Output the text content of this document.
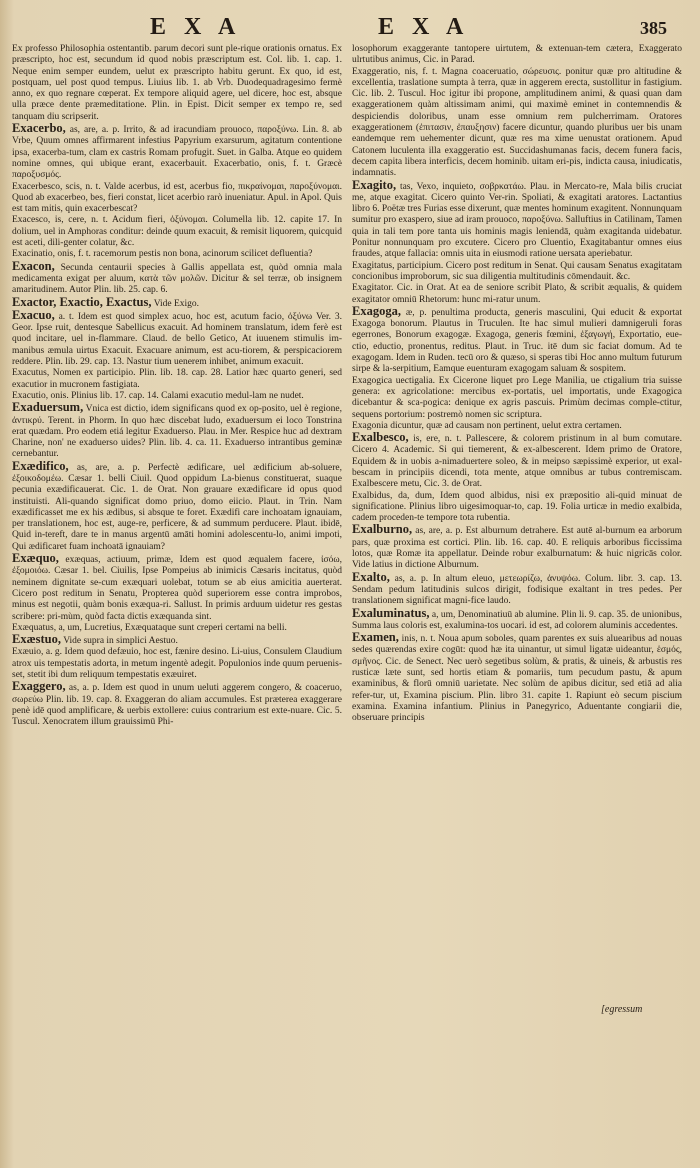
E X A	E X A	385

Ex professo Philosophia ostentantib. parum decori sunt ple-rique orationis ornatus. Ex præscripto, hoc est, secundum id quod nobis præscriptum est. Col. lib. 1. cap. 1. Neque enim semper eundem, uelut ex præscripto habitu gerunt. Ex quo, id est, postquam, uel post quod tempus. Liuius lib. 1. ab Vrb. Duodequadragesimo fermè anno, ex quo regnare cœperat. Ex tempore aliquid agere, uel dicere, hoc est, absque ulla præce dente præmeditatione. Plin. in Epist. Dicit semper ex tempo re, sed tanquam diu scripserit.

Exacerbo, as, are, a. p. Irrito, & ad iracundiam prouoco, παροξύνω. Lin. 8. ab Vrbe, Quum omnes affirmarent infestius Papyrium exarsurum, agitatum contentione ipsa, exacerba-tum, clam ex castris Romam profugit. Suet. in Galba. Atque eo quidem nomine omnes, qui ubique erant, exacerbauit. Exacerbatio, onis, f. t. Græcè παροξυσμός.

Exacerbesco, scis, n. t. Valde acerbus, id est, acerbus fio, πικραίνομαι, παροξύνομαι. Quod ab exacerbeo, bes, fieri constat, licet acerbio rarò inueniatur. Apul. in Apol. Quis est tam mitis, quin exacerbescat?

Exacesco, is, cere, n. t. Acidum fieri, ὀξύνομαι. Columella lib. 12. capite 17. In dolium, uel in Amphoras conditur: deinde quum exacuit, & remisit liquorem, quicquid est aceti, dili-genter colatur, &c.

Exacinatio, onis, f. t. racemorum pestis non bona, acinorum scilicet defluentia?

Exacon, Secunda centaurii species à Gallis appellata est, quòd omnia mala medicamenta exigat per aluum, κατὰ τῶν μολῶν. Dicitur & sel terræ, ob insignem amaritudinem. Autor Plin. lib. 25. cap. 6.

Exactor, Exactio, Exactus, Vide Exigo.

Exacuo, a. t. Idem est quod simplex acuo, hoc est, acutum facio, ὀξύνω Ver. 3. Geor. Ipse ruit, dentesque Sabellicus exacuit. Ad hominem translatum, idem ferè est quod incitare, uel in-flammare. Claud. de bello Getico, At iuuenem stimulis im-manibus æmula uirtus Exacuit. Exacuare animum, est acu-tiorem, & perspicaciorem reddere. Plin. lib. 29. cap. 13. Nastur tium uenerem inhibet, animum exacuit.

Exacutus, Nomen ex participio. Plin. lib. 18. cap. 28. Latior hæc quarto generi, sed exacutior in mucronem fastigiata.

Exacutio, onis. Plinius lib. 17. cap. 14. Calami exacutio medul-lam ne nudet.

Exaduersum, Vnica est dictio, idem significans quod ex op-posito, uel è regione, ἀντικρύ. Terent. in Phorm. In quo hæc discebat ludo, exaduersum ei loco Tonstrina erat quædam. Pro eodem etiá legitur Exaduerso. Plau. in Mer. Respice huc ad dextram Charine, non' ne exaduerso uides? Plin. lib. 4. ca. 11. Exaduerso intrantibus geminæ cernebantur.

Exædifico, as, are, a. p. Perfectè ædificare, uel ædificium ab-soluere, ἐξοικοδομέω. Cæsar 1. belli Ciuil. Quod oppidum La-bienus constituerat, suaque pecunia exædificauerat. Cic. 1. de Orat. Non grauare exædificare id opus quod instituisti. Ali-quando significat domo priuo, domo eiicio. Plaut. in Trin. Nam exædificasset me ex his ædibus, si absque te foret. Exædifi care inchoatam ignauiam, per translationem, hoc est, auge-re, perficere, & ad summum perducere. Plaut. ibidē, Quid in-tereft, dare te in manus argentū amāti homini adolescentu-lo, animi impoti, Qui ædificaret fuam inchoatā ignauiam?

Exæquo, exæquas, actiuum, primæ, Idem est quod æqualem facere, ἰσόω, ἐξομοιόω. Cæsar 1. bel. Ciuilis, Ipse Pompeius ab inimicis Cæsaris incitatus, quòd neminem dignitate se-cum exæquari uolebat, totum se ab eius amicitia auerterat. Cicero post reditum in Senatu, Propterea quòd superiorem esse contra improbos, minus est negotii, quàm bonis exæqua-ri. Sallust. In primis arduum uidetur res gestas scribere: pri-mùm, quòd facta dictis exæquanda sint.

Exæquatus, a, um, Lucretius, Exæquataque sunt creperi certami na belli.

Exæstuo, Vide supra in simplici Aestuo.

Exæuio, a. g. Idem quod defæuio, hoc est, fænire desino. Li-uius, Consulem Claudium atrox uis tempestatis adorta, in metum ingentè adegit. Populonios inde quum peruenis-set, stetit ibi dum reliquum tempestatis exæuiret.

Exaggero, as, a. p. Idem est quod in unum ueluti aggerem congero, & coaceruo, σωρεύω Plin. lib. 19. cap. 8. Exaggeran do aliam accumules. Est præterea exaggerare penè idē quod amplificare, & uerbis extollere: cuius contrarium est exte-nuare. Cic. 5. Tuscul. Xenocratem illum grauissimū Phi-

losophorum exaggerante tantopere uirtutem, & extenuan-tem cætera, Exaggerato ulrtutibus animus, Cic. in Parad.

Exaggeratio, nis, f. t. Magna coaceruatio, σώρευσις. ponitur quæ pro altitudine & excellentia, traslatione sumpta à terra, quæ in aggerem erecta, sustollitur in fastigium. Cic. lib. 2. Tuscul. Hoc igitur ibi propone, amplitudinem animi, & quasi quan dam exaggerationem quàm altissimam animi, qui maximè eminet in contemnendis & despiciendis doloribus, unam esse omnium rem pulcherrimam. Oratores exaggerationem (ἐπιτασιν, ἐπαυξησιν) facere dicuntur, quando pluribus uer bis unam eandemque rem uehementer dicunt, quæ res ma xime uenustat orationem. Apud Catonem luculenta illa exaggeratio est. Succidashumanas facis, decem funera facis, decem capita libera interficis, decem hominib. uitam eri-pis, indicta causa, iniudicatis, indamnatis.

Exagito, tas, Vexo, inquieto, σοβρκατάω. Plau. in Mercato-re, Mala bilis cruciat me, atque exagitat. Cicero quinto Ver-rin. Spoliati, & exagitati aratores. Lactantius libro 6. Poëtæ tres Furias esse dixerunt, quæ mentes hominum exagitent. Nonnunquam sumitur pro exaspero, siue ad iram prouoco, παροξύνω. Salluftius in Catilinam, Tamen quia in tali tem pore tanta uis hominis magis leniendā, quàm exagitanda uidebatur. Ponitur nonnunquam pro excutere. Cicero pro Cluentio, Exagitabantur omnes eius fraudes, atque fallacia: omnis uita in eiusmodi ratione uersata aperiebatur.

Exagitatus, participium. Cicero post reditum in Senat. Qui causam Senatus exagitatam concionibus improborum, sic sua diligentia multitudinis cōmendauit. &c.

Exagitator. Cic. in Orat. At ea de seniore scribit Plato, & scribit æqualis, & quidem exagitator omniū Rhetorum: hunc mi-ratur unum.

Exagoga, æ, p. penultima producta, generis masculini, Qui educit & exportat Exagoga bonorum. Plautus in Truculen. Ite hac simul mulieri damnigeruli foras egerrones, Bonorum exagogæ. Exagoga, generis fœmini, ἐξαγωγή, Exportatio, eue-ctio, eductio, pronentus, reditus. Plaut. in Truc. itē dum sic faciat domum. Ad te exagogam. Idem in Ruden. tecū oro & quæso, si speras tibi Hoc anno multum futurum sirpe & la-serpitium, Eamque euenturam exagogam saluam & sospitem.

Exagogica uectigalia. Ex Cicerone liquet pro Lege Manilia, ue ctigalium tria suisse genera: ex agricolatione: mercibus ex-portatis, uel importatis, unde Exagogica dicebantur & sca-pogica: denique ex agris pascuis. Primùm decimas comple-ctitur, sequens portorium: postremò nomen sic scriptura.

Exagonia dicuntur, quæ ad causam non pertinent, uelut extra certamen.

Exalbesco, is, ere, n. t. Pallescere, & colorem pristinum in al bum comutare. Cicero 4. Academic. Si qui tiemerent, & ex-albescerent. Idem primo de Oratore, Equidem & in uobis a-nimaduertere soleo, & in meipso sæpissimè experior, ut exal-bescam in principiis dicendi, tota mente, atque omnibus ar tubus contremiscam. Exalbescere metu, Cic. 3. de Orat.

Exalbidus, da, dum, Idem quod albidus, nisi ex præpositio ali-quid minuat de significatione. Plinius libro uigesimoquar-to, cap. 19. Folia urticæ in medio exalbida, cadem proceden-te tempore tota rubentia.

Exalburno, as, are, a. p. Est alburnum detrahere. Est autē al-burnum ea arborum pars, quæ proxima est cortici. Plin. lib. 16. cap. 40. E reliquis arboribus ficcissima lotos, quæ Romæ ita appellatur. Deinde robur exalburnatum: & huic nigricās color. Vide latius in dictione Alburnum.

Exalto, as, a. p. In altum eleuo, μετεωρίζω, ἀνυψόω. Colum. libr. 3. cap. 13. Sendam pedum latitudinis sulcos dirigit, fodisique exaltant in tres pedes. Per translationem significat magni-fice laudo.

Exaluminatus, a, um, Denominatiuū ab alumine. Plin li. 9. cap. 35. de unionibus, Summa laus coloris est, exalumina-tos uocari. id est, ad colorem aluminis accedentes.

Examen, inis, n. t. Noua apum soboles, quam parentes ex suis aluearibus ad nouas sedes quærendas exire cogūt: quod hæ ita uinantur, ut simul ligatæ uideantur, ἑσμός, σμῆνος. Cic. de Senect. Nec uerò segetibus solùm, & pratis, & uineis, & arbustis res rusticæ læte sunt, sed hortis etiam & pomariis, tum pecudum pastu, & apum examinibus, & florū omniū uarietate. Nec solùm de apibus dicitur, sed etiā ad alia refer-tur, ut, Examina piscium. Plin. libro 31. capite 1. Rapiunt eò secum piscium examina. Examina infantium. Plinius in Panegyrico, Aduentante congiarii die, obseruare principis

[egressum
